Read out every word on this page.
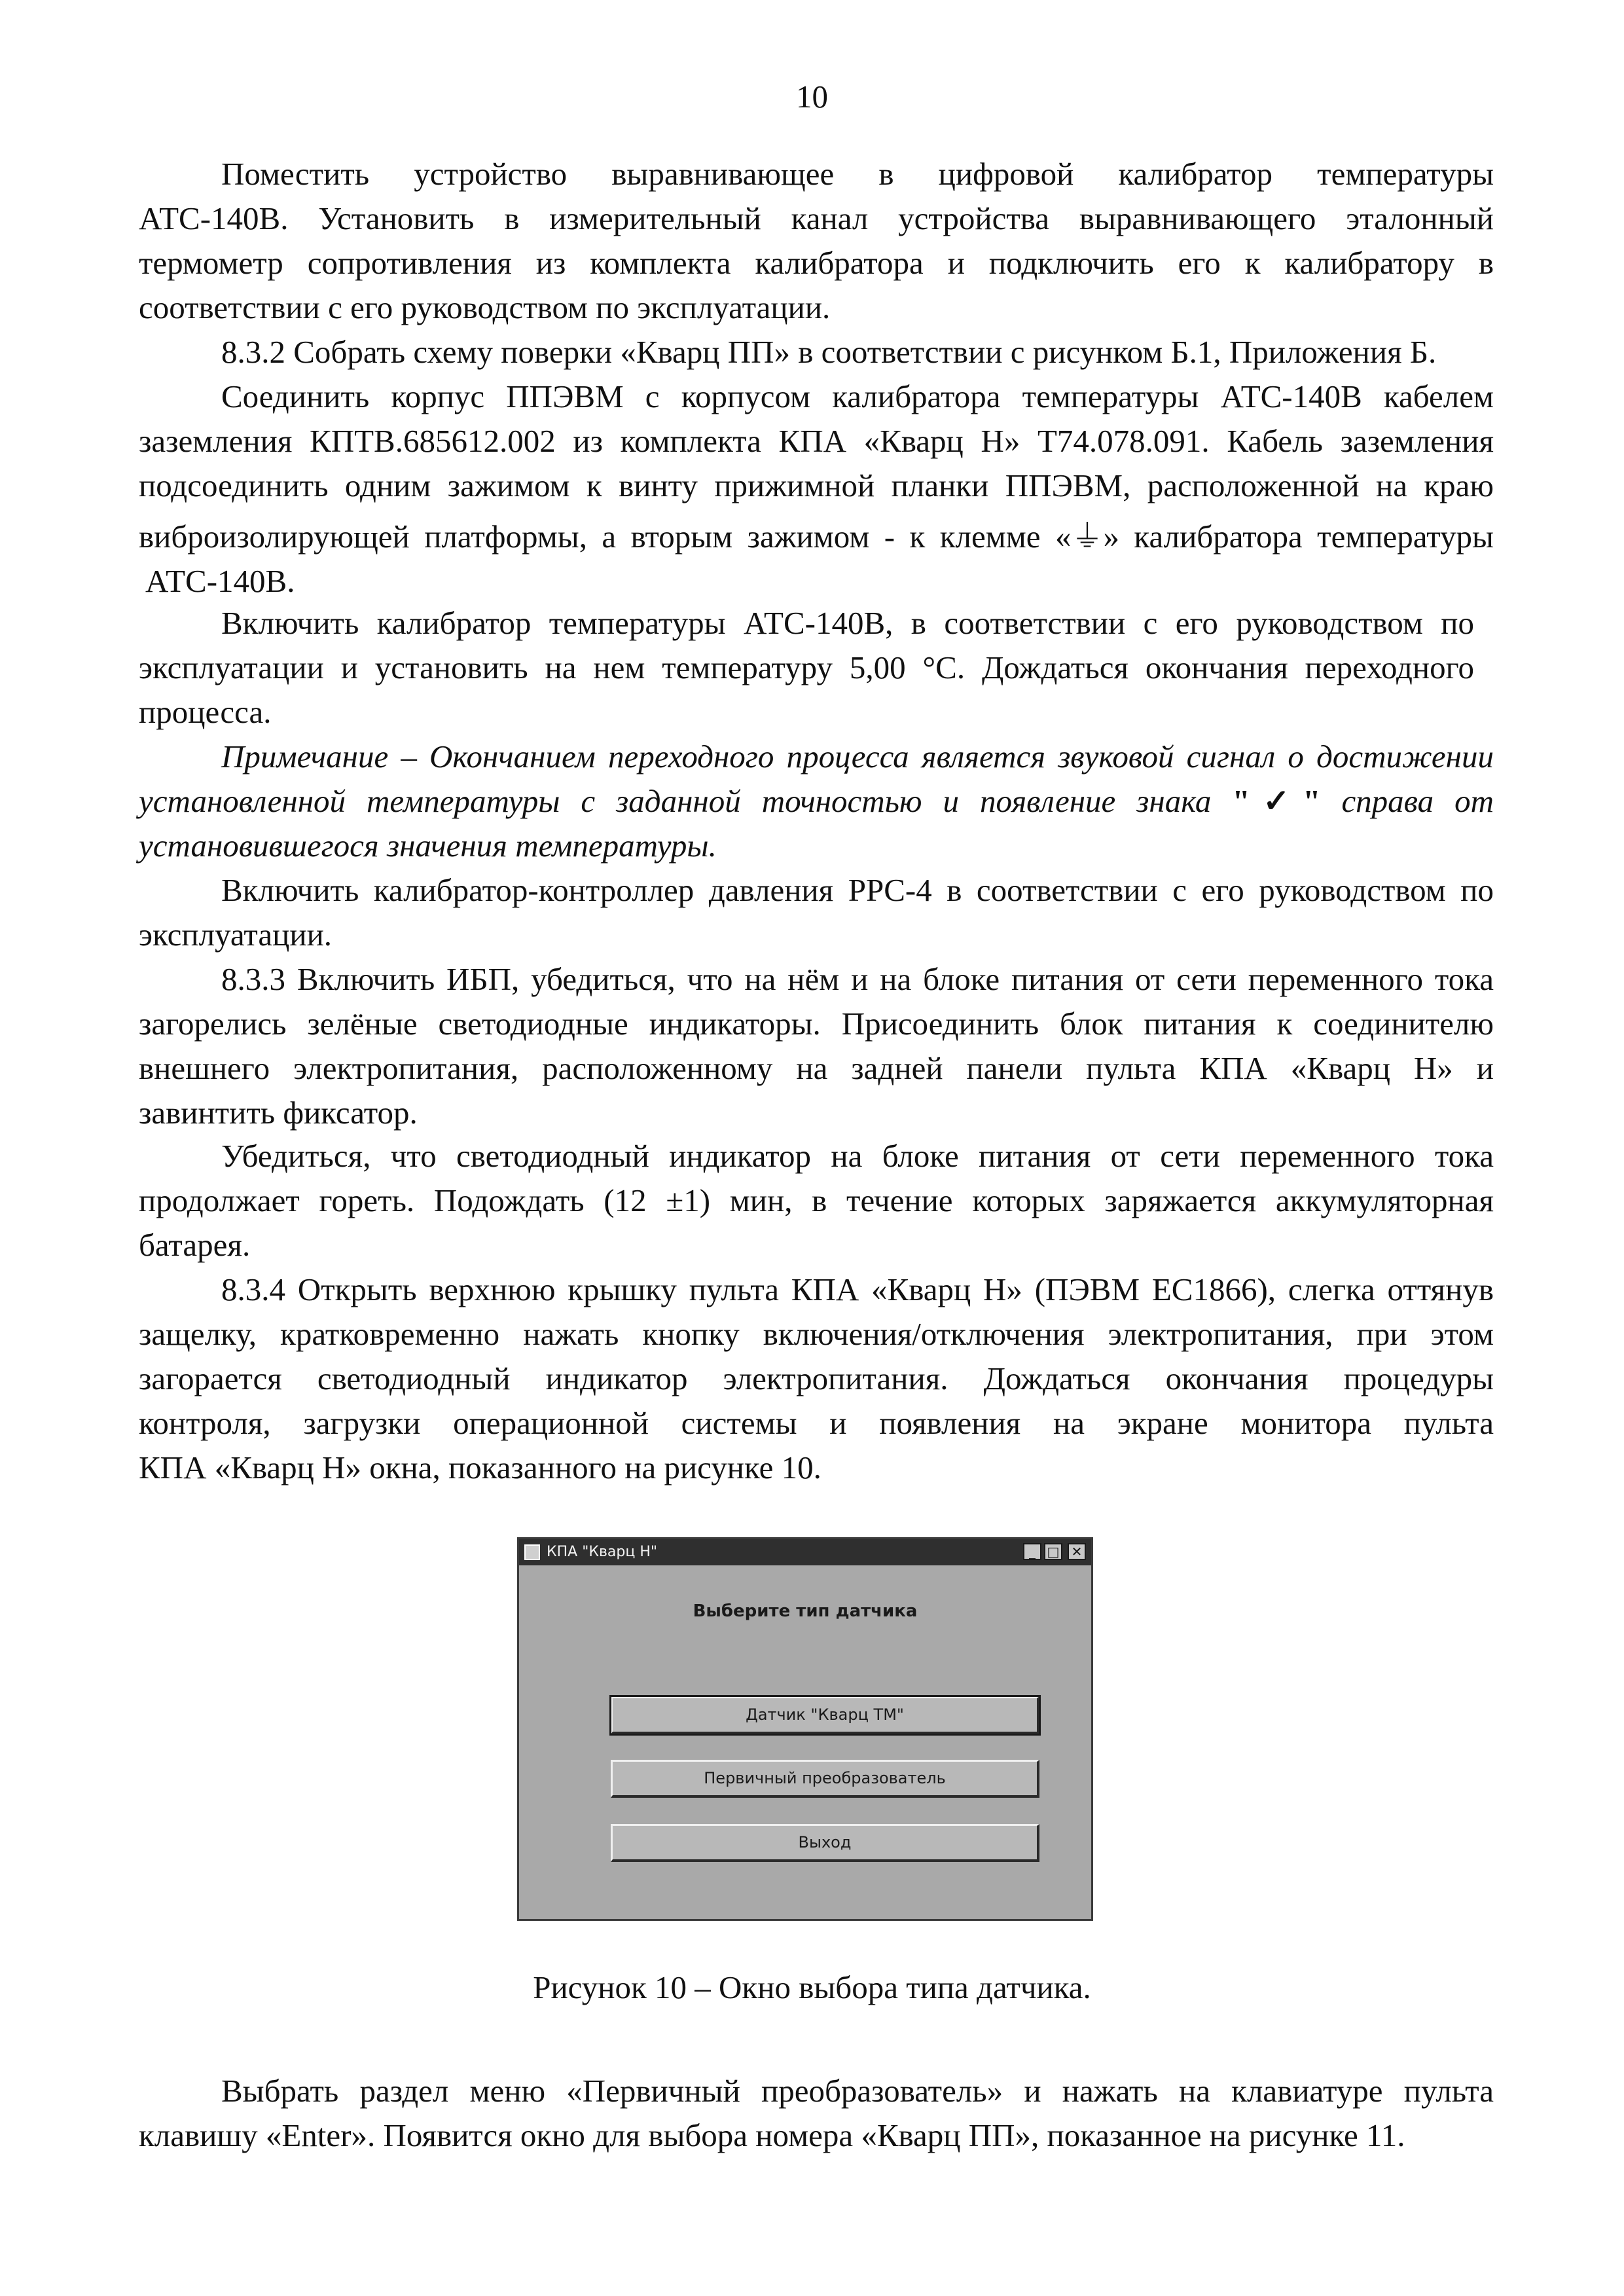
10
Поместить устройство выравнивающее в цифровой калибратор температуры
АТС-140В. Установить в измерительный канал устройства выравнивающего эталонный
термометр сопротивления из комплекта калибратора и подключить его к калибратору в
соответствии с его руководством по эксплуатации.
8.3.2 Собрать схему поверки «Кварц ПП» в соответствии с рисунком Б.1, Приложения Б.
Соединить корпус ППЭВМ с корпусом калибратора температуры АТС-140В кабелем
заземления КПТВ.685612.002 из комплекта КПА «Кварц Н» Т74.078.091. Кабель заземления
подсоединить одним зажимом к винту прижимной планки ППЭВМ, расположенной на краю
виброизолирующей платформы, а вторым зажимом - к клемме «⏚» калибратора температуры
АТС-140В.
Включить калибратор температуры АТС-140В, в соответствии с его руководством по
эксплуатации и установить на нем температуру 5,00 °С. Дождаться окончания переходного
процесса.
Примечание – Окончанием переходного процесса является звуковой сигнал о достижении
установленной температуры с заданной точностью и появление знака "✓" справа от
установившегося значения температуры.
Включить калибратор-контроллер давления PPC-4 в соответствии с его руководством по
эксплуатации.
8.3.3 Включить ИБП, убедиться, что на нём и на блоке питания от сети переменного тока
загорелись зелёные светодиодные индикаторы. Присоединить блок питания к соединителю
внешнего электропитания, расположенному на задней панели пульта КПА «Кварц Н» и
завинтить фиксатор.
Убедиться, что светодиодный индикатор на блоке питания от сети переменного тока
продолжает гореть. Подождать (12 ±1) мин, в течение которых заряжается аккумуляторная
батарея.
8.3.4 Открыть верхнюю крышку пульта КПА «Кварц Н» (ПЭВМ ЕС1866), слегка оттянув
защелку, кратковременно нажать кнопку включения/отключения электропитания, при этом
загорается светодиодный индикатор электропитания. Дождаться окончания процедуры
контроля, загрузки операционной системы и появления на экране монитора пульта
КПА «Кварц Н» окна, показанного на рисунке 10.
КПА "Кварц Н"	_ □ ✕
Выберите тип датчика
Датчик "Кварц ТМ"
Первичный преобразователь
Выход
Рисунок 10 – Окно выбора типа датчика.
Выбрать раздел меню «Первичный преобразователь» и нажать на клавиатуре пульта
клавишу «Enter». Появится окно для выбора номера «Кварц ПП», показанное на рисунке 11.
